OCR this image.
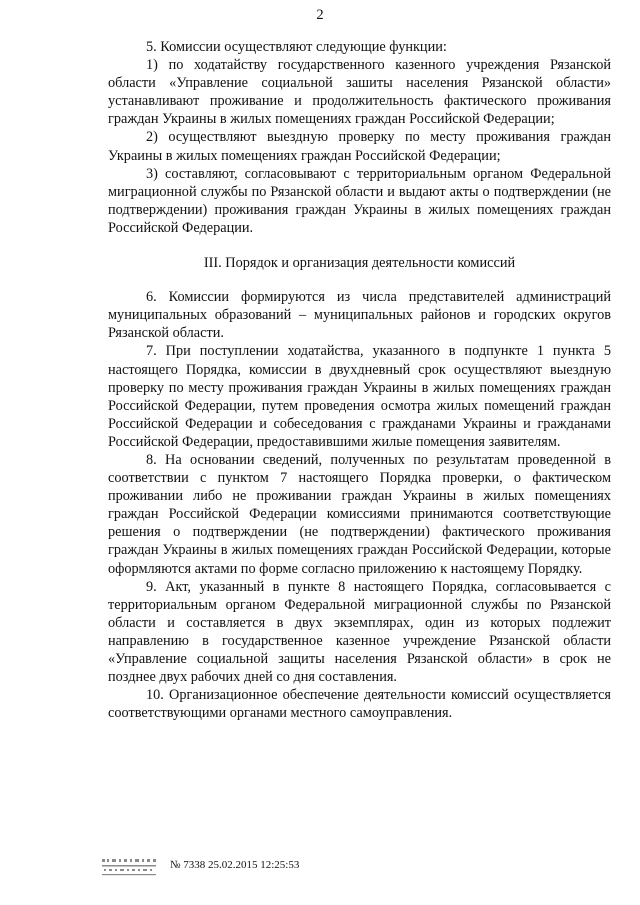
2

5. Комиссии осуществляют следующие функции:

1) по ходатайству государственного казенного учреждения Рязанской области «Управление социальной зашиты населения Рязанской области» устанавливают проживание и продолжительность фактического проживания граждан Украины в жилых помещениях граждан Российской Федерации;

2) осуществляют выездную проверку по месту проживания граждан Украины в жилых помещениях граждан Российской Федерации;

3) составляют, согласовывают с территориальным органом Федеральной миграционной службы по Рязанской области и выдают акты о подтверждении (не подтверждении) проживания граждан Украины в жилых помещениях граждан Российской Федерации.

III. Порядок и организация деятельности комиссий

6. Комиссии формируются из числа представителей администраций муниципальных образований – муниципальных районов и городских округов Рязанской области.

7. При поступлении ходатайства, указанного в подпункте 1 пункта 5 настоящего Порядка, комиссии в двухдневный срок осуществляют выездную проверку по месту проживания граждан Украины в жилых помещениях граждан Российской Федерации, путем проведения осмотра жилых помещений граждан Российской Федерации и собеседования с гражданами Украины и гражданами Российской Федерации, предоставившими жилые помещения заявителям.

8. На основании сведений, полученных по результатам проведенной в соответствии с пунктом 7 настоящего Порядка проверки, о фактическом проживании либо не проживании граждан Украины в жилых помещениях граждан Российской Федерации комиссиями принимаются соответствующие решения о подтверждении (не подтверждении) фактического проживания граждан Украины в жилых помещениях граждан Российской Федерации, которые оформляются актами по форме согласно приложению к настоящему Порядку.

9. Акт, указанный в пункте 8 настоящего Порядка, согласовывается с территориальным органом Федеральной миграционной службы по Рязанской области и составляется в двух экземплярах, один из которых подлежит направлению в государственное казенное учреждение Рязанской области «Управление социальной защиты населения Рязанской области» в срок не позднее двух рабочих дней со дня составления.

10. Организационное обеспечение деятельности комиссий осуществляется соответствующими органами местного самоуправления.

№ 7338 25.02.2015 12:25:53
